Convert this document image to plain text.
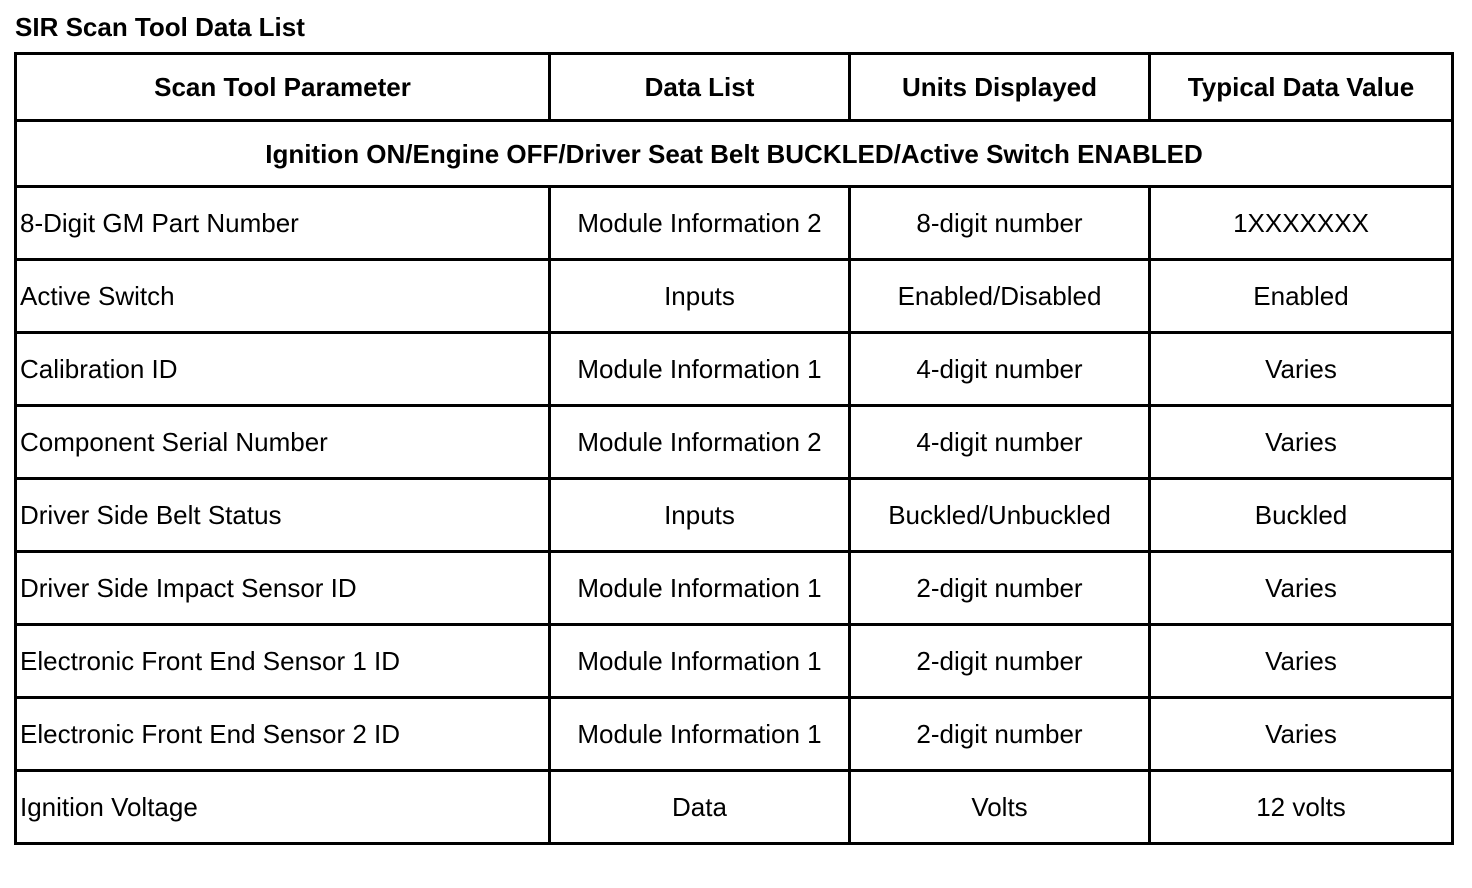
SIR Scan Tool Data List
Scan Tool Parameter	Data List	Units Displayed	Typical Data Value
Ignition ON/Engine OFF/Driver Seat Belt BUCKLED/Active Switch ENABLED			
8-Digit GM Part Number	Module Information 2	8-digit number	1XXXXXXX
Active Switch	Inputs	Enabled/Disabled	Enabled
Calibration ID	Module Information 1	4-digit number	Varies
Component Serial Number	Module Information 2	4-digit number	Varies
Driver Side Belt Status	Inputs	Buckled/Unbuckled	Buckled
Driver Side Impact Sensor ID	Module Information 1	2-digit number	Varies
Electronic Front End Sensor 1 ID	Module Information 1	2-digit number	Varies
Electronic Front End Sensor 2 ID	Module Information 1	2-digit number	Varies
Ignition Voltage	Data	Volts	12 volts
